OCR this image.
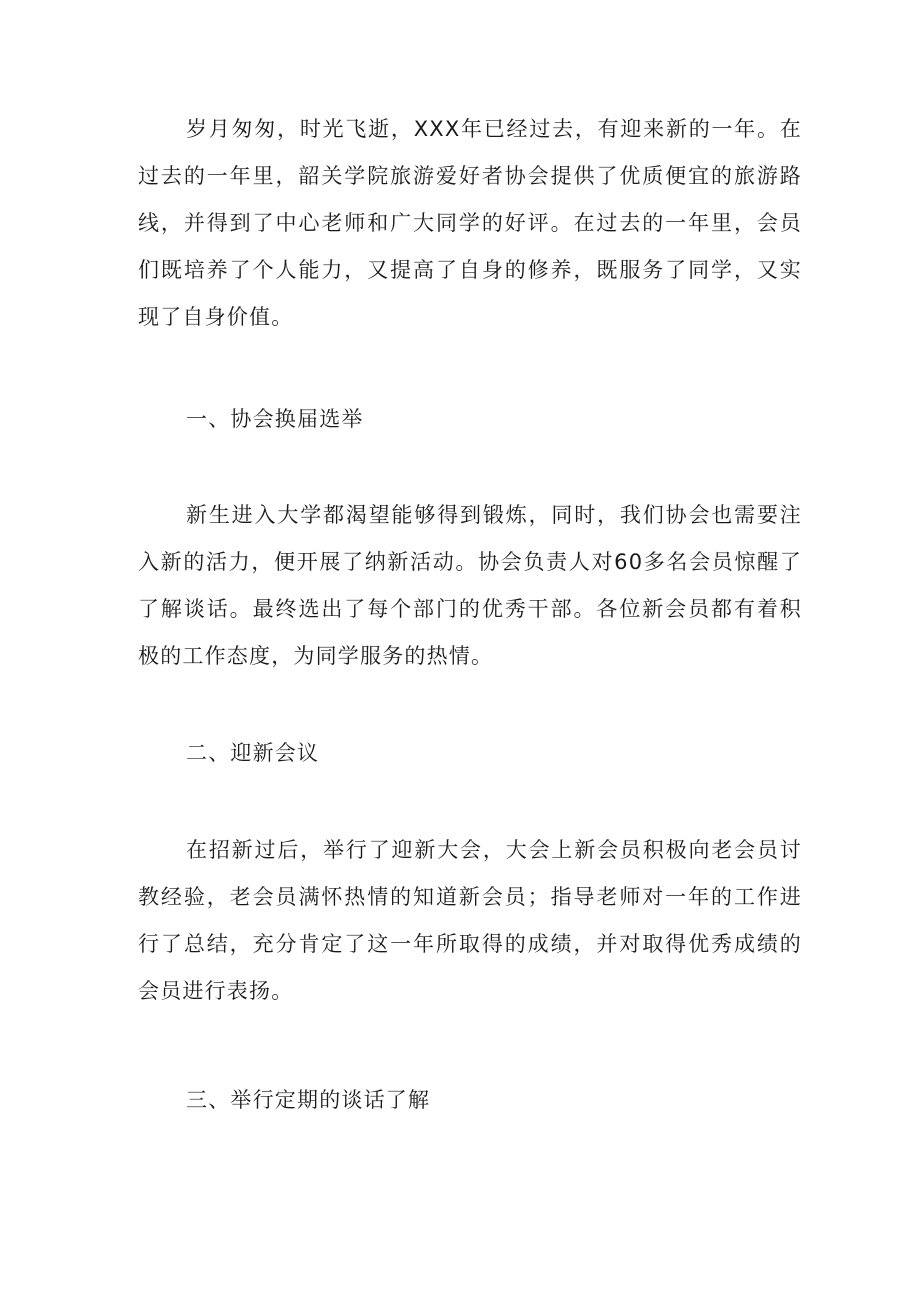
岁月匆匆，时光飞逝，XXX年已经过去，有迎来新的一年。在过去的一年里，韶关学院旅游爱好者协会提供了优质便宜的旅游路线，并得到了中心老师和广大同学的好评。在过去的一年里，会员们既培养了个人能力，又提高了自身的修养，既服务了同学，又实现了自身价值。

一、协会换届选举

新生进入大学都渴望能够得到锻炼，同时，我们协会也需要注入新的活力，便开展了纳新活动。协会负责人对60多名会员惊醒了了解谈话。最终选出了每个部门的优秀干部。各位新会员都有着积极的工作态度，为同学服务的热情。

二、迎新会议

在招新过后，举行了迎新大会，大会上新会员积极向老会员讨教经验，老会员满怀热情的知道新会员；指导老师对一年的工作进行了总结，充分肯定了这一年所取得的成绩，并对取得优秀成绩的会员进行表扬。

三、举行定期的谈话了解
